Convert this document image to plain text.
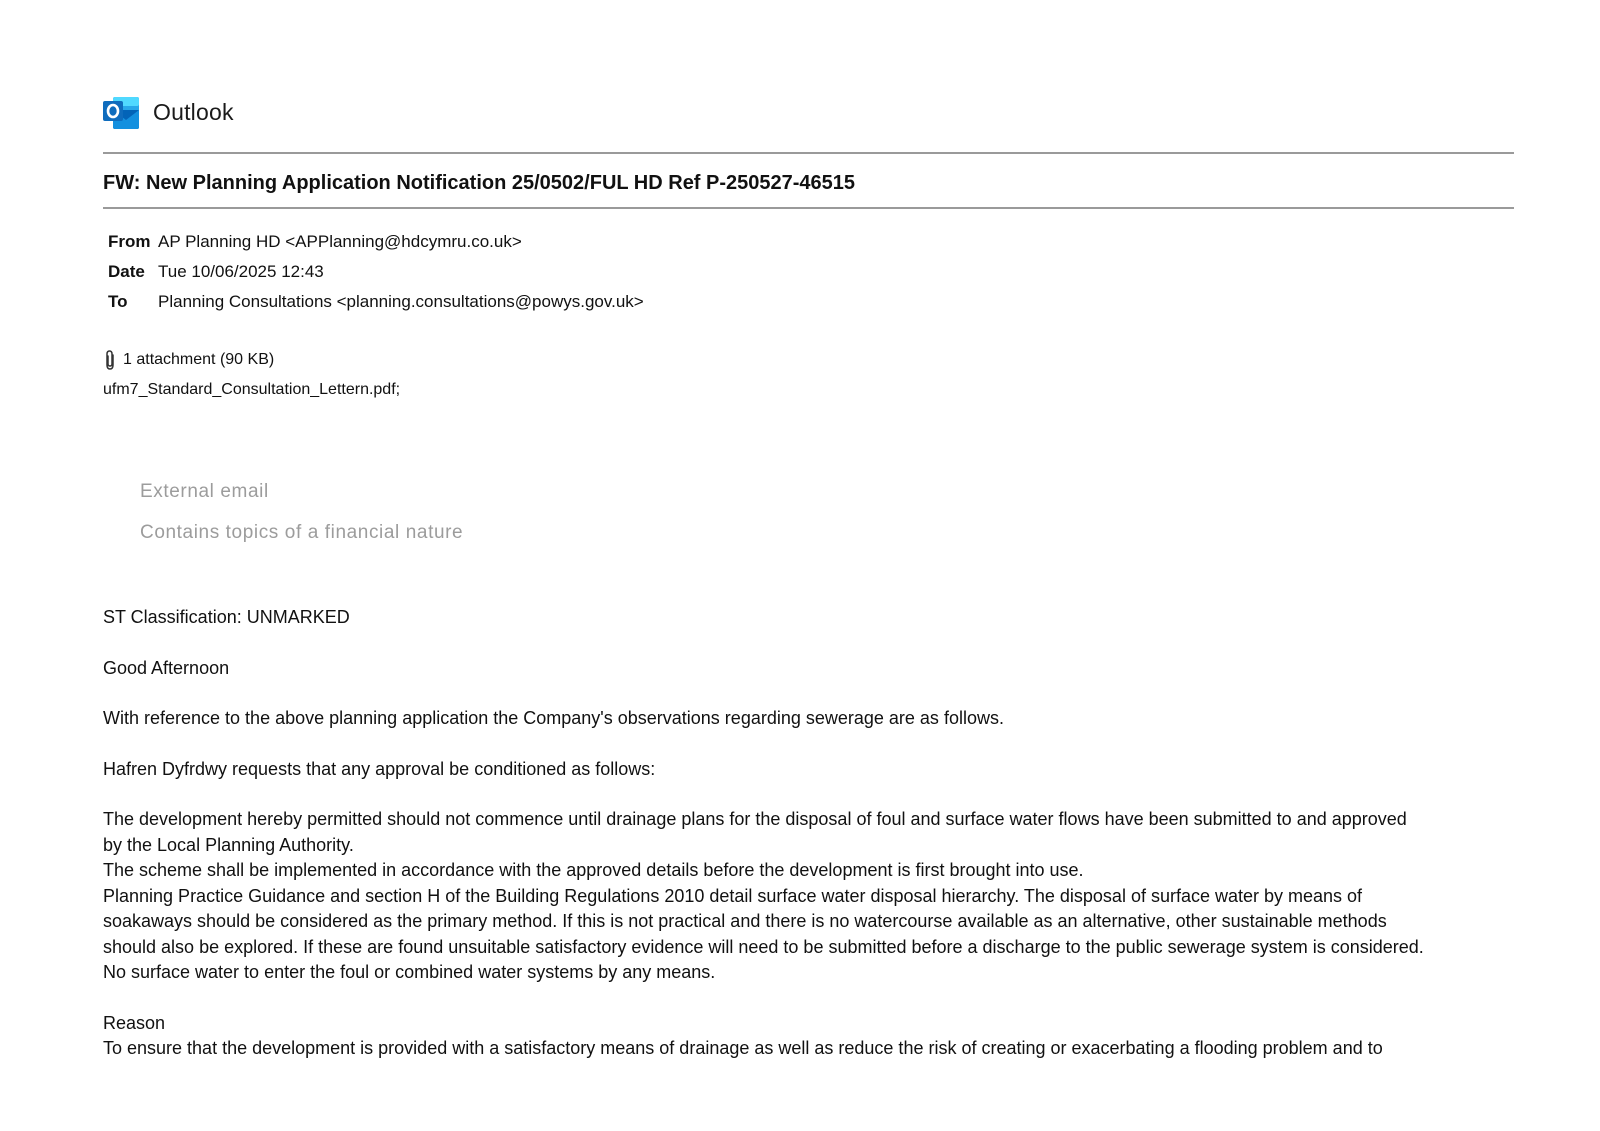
Outlook
FW: New Planning Application Notification 25/0502/FUL HD Ref P-250527-46515
From AP Planning HD <APPlanning@hdcymru.co.uk>
Date Tue 10/06/2025 12:43
To	Planning Consultations <planning.consultations@powys.gov.uk>
1 attachment (90 KB)
ufm7_Standard_Consultation_Lettern.pdf;
External email
Contains topics of a financial nature

ST Classification: UNMARKED

Good Afternoon

With reference to the above planning application the Company's observations regarding sewerage are as follows.

Hafren Dyfrdwy requests that any approval be conditioned as follows:

The development hereby permitted should not commence until drainage plans for the disposal of foul and surface water flows have been submitted to and approved
by the Local Planning Authority.
The scheme shall be implemented in accordance with the approved details before the development is first brought into use.
Planning Practice Guidance and section H of the Building Regulations 2010 detail surface water disposal hierarchy. The disposal of surface water by means of
soakaways should be considered as the primary method. If this is not practical and there is no watercourse available as an alternative, other sustainable methods
should also be explored. If these are found unsuitable satisfactory evidence will need to be submitted before a discharge to the public sewerage system is considered.
No surface water to enter the foul or combined water systems by any means.

Reason
To ensure that the development is provided with a satisfactory means of drainage as well as reduce the risk of creating or exacerbating a flooding problem and to
